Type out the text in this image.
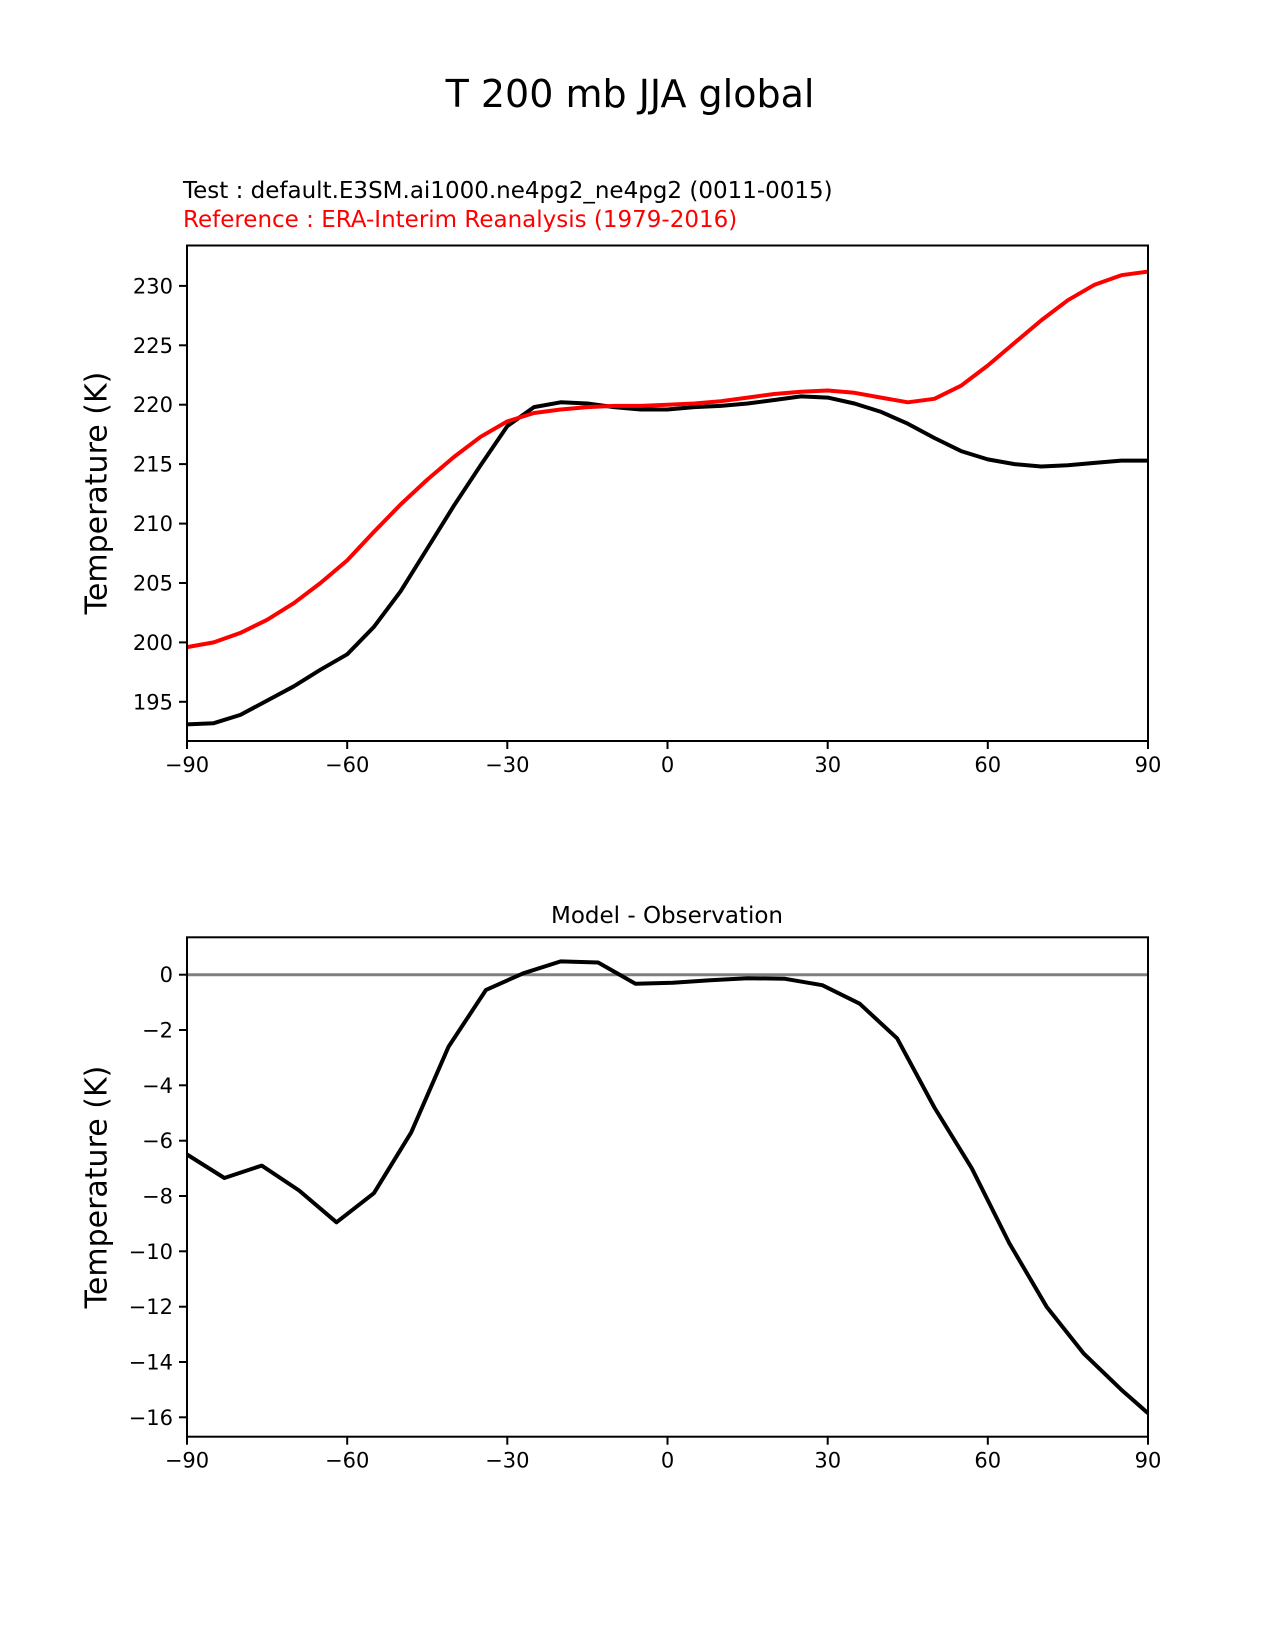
T 200 mb JJA global
Test : default.E3SM.ai1000.ne4pg2_ne4pg2 (0011-0015)
Reference : ERA-Interim Reanalysis (1979-2016)
Temperature (K)
Temperature (K)
Model - Observation
−90	−60	−30	0	30	60	90
195
200
205
210
215
220
225
230
−90	−60	−30	0	30	60	90
0
−2
−4
−6
−8
−10
−12
−14
−16
